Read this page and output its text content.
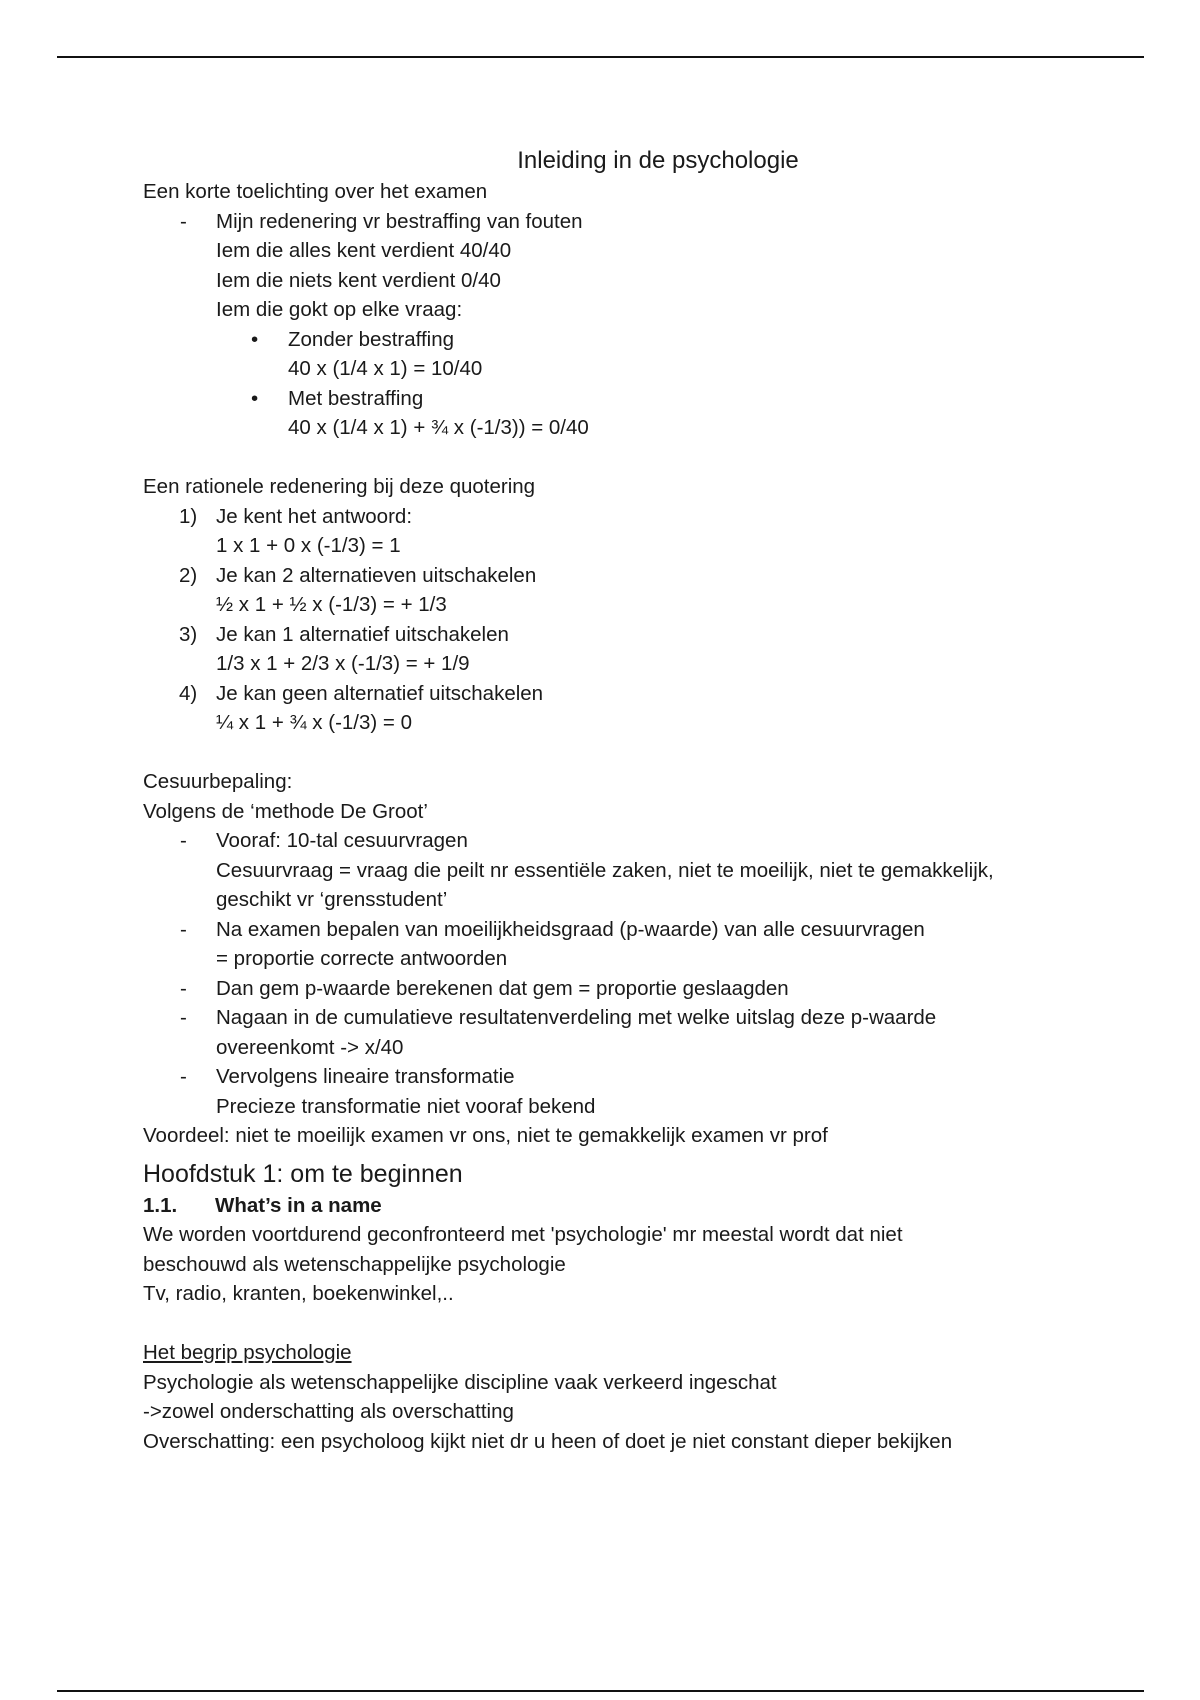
Inleiding in de psychologie
Een korte toelichting over het examen
- Mijn redenering vr bestraffing van fouten
Iem die alles kent verdient 40/40
Iem die niets kent verdient 0/40
Iem die gokt op elke vraag:
• Zonder bestraffing
40 x (1/4 x 1) = 10/40
• Met bestraffing
40 x (1/4 x 1) + ¾ x (-1/3)) = 0/40
Een rationele redenering bij deze quotering
1) Je kent het antwoord:
1 x 1 + 0 x (-1/3) = 1
2) Je kan 2 alternatieven uitschakelen
½ x 1 + ½ x (-1/3) = + 1/3
3) Je kan 1 alternatief uitschakelen
1/3 x 1 + 2/3 x (-1/3) = + 1/9
4) Je kan geen alternatief uitschakelen
¼ x 1 + ¾ x (-1/3) = 0
Cesuurbepaling:
Volgens de ‘methode De Groot’
- Vooraf: 10-tal cesuurvragen
Cesuurvraag = vraag die peilt nr essentiële zaken, niet te moeilijk, niet te gemakkelijk,
geschikt vr ‘grensstudent’
- Na examen bepalen van moeilijkheidsgraad (p-waarde) van alle cesuurvragen
= proportie correcte antwoorden
- Dan gem p-waarde berekenen dat gem = proportie geslaagden
- Nagaan in de cumulatieve resultatenverdeling met welke uitslag deze p-waarde
overeenkomt -> x/40
- Vervolgens lineaire transformatie
Precieze transformatie niet vooraf bekend
Voordeel: niet te moeilijk examen vr ons, niet te gemakkelijk examen vr prof
Hoofdstuk 1: om te beginnen
1.1. What’s in a name
We worden voortdurend geconfronteerd met 'psychologie' mr meestal wordt dat niet
beschouwd als wetenschappelijke psychologie
Tv, radio, kranten, boekenwinkel,..
Het begrip psychologie
Psychologie als wetenschappelijke discipline vaak verkeerd ingeschat
->zowel onderschatting als overschatting
Overschatting: een psycholoog kijkt niet dr u heen of doet je niet constant dieper bekijken
